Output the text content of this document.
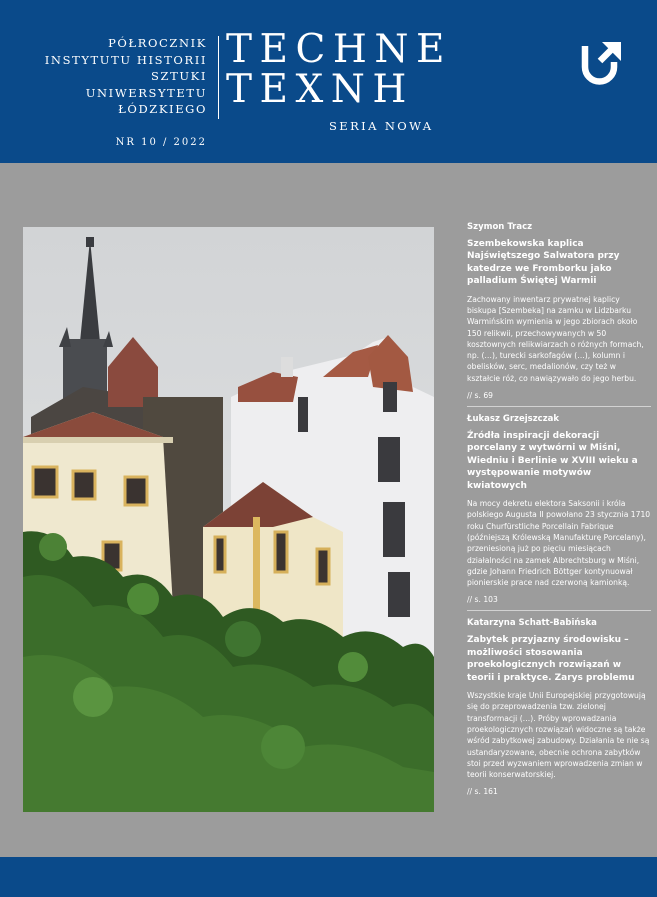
PÓŁROCZNIK
INSTYTUTU HISTORII SZTUKI
UNIWERSYTETU ŁÓDZKIEGO
NR 10 / 2022
TECHNE
TEXNH
SERIA NOWA
Szymon Tracz
Szembekowska kaplica Najświętszego Salwatora przy katedrze we Fromborku jako palladium Świętej Warmii
Zachowany inwentarz prywatnej kaplicy biskupa [Szembeka] na zamku w Lidzbarku Warmińskim wymienia w jego zbiorach około 150 relikwii, przechowywanych w 50 kosztownych relikwiarzach o różnych formach, np. (…), turecki sarkofagów (…), kolumn i obelisków, serc, medalionów, czy też w kształcie róż, co nawiązywało do jego herbu.
// s. 69
Łukasz Grzejszczak
Źródła inspiracji dekoracji porcelany z wytwórni w Miśni, Wiedniu i Berlinie w XVIII wieku a występowanie motywów kwiatowych
Na mocy dekretu elektora Saksonii i króla polskiego Augusta II powołano 23 stycznia 1710 roku Churfürstliche Porcellain Fabrique (późniejszą Królewską Manufakturę Porcelany), przeniesioną już po pięciu miesiącach działalności na zamek Albrechtsburg w Miśni, gdzie Johann Friedrich Böttger kontynuował pionierskie prace nad czerwoną kamionką.
// s. 103
Katarzyna Schatt-Babińska
Zabytek przyjazny środowisku – możliwości stosowania proekologicznych rozwiązań w teorii i praktyce. Zarys problemu
Wszystkie kraje Unii Europejskiej przygotowują się do przeprowadzenia tzw. zielonej transformacji (…). Próby wprowadzania proekologicznych rozwiązań widoczne są także wśród zabytkowej zabudowy. Działania te nie są ustandaryzowane, obecnie ochrona zabytków stoi przed wyzwaniem wprowadzenia zmian w teorii konserwatorskiej.
// s. 161
